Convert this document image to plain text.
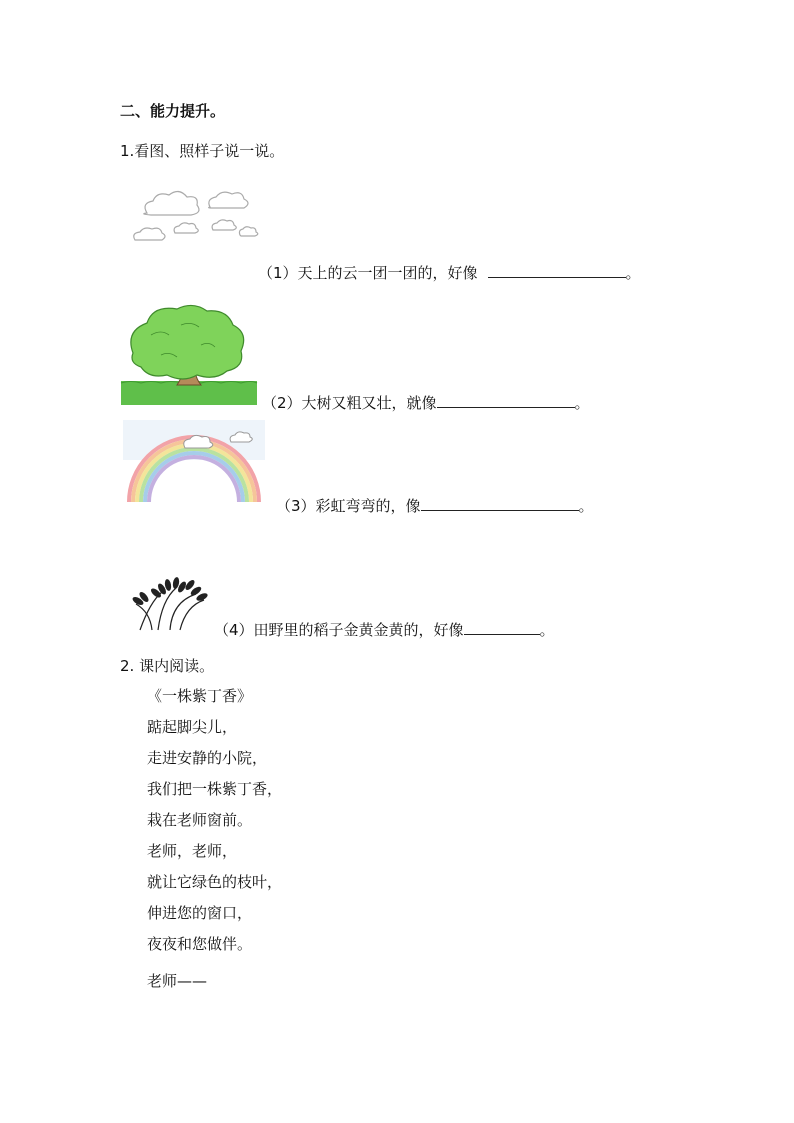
二、能力提升。
1.看图、照样子说一说。
（1）天上的云一团一团的，好像	。
（2）大树又粗又壮，就像	。
（3）彩虹弯弯的，像	。
（4）田野里的稻子金黄金黄的，好像	。
2. 课内阅读。
《一株紫丁香》
踮起脚尖儿，
走进安静的小院，
我们把一株紫丁香，
栽在老师窗前。
老师，老师，
就让它绿色的枝叶，
伸进您的窗口，
夜夜和您做伴。
老师——
